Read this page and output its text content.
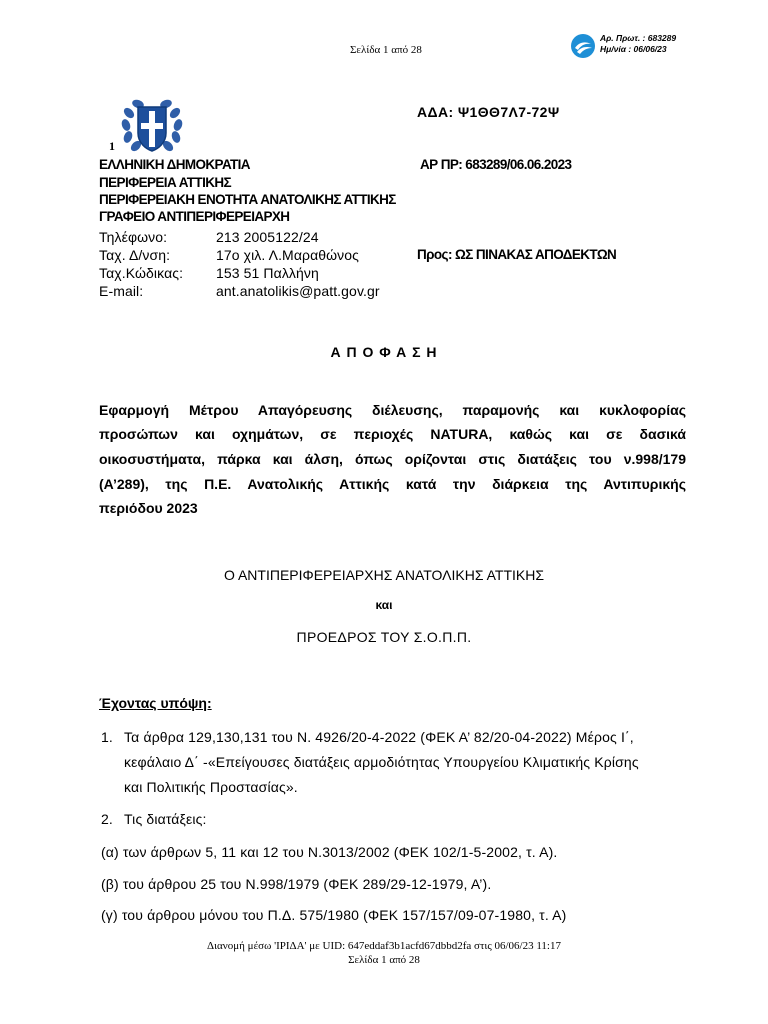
Σελίδα 1 από 28
Αρ. Πρωτ. : 683289
Ημ/νία : 06/06/23
1
ΑΔΑ: Ψ1ΘΘ7Λ7-72Ψ
ΕΛΛΗΝΙΚΗ ΔΗΜΟΚΡΑΤΙΑ
ΠΕΡΙΦΕΡΕΙΑ ΑΤΤΙΚΗΣ
ΠΕΡΙΦΕΡΕΙΑΚΗ ΕΝΟΤΗΤΑ ΑΝΑΤΟΛΙΚΗΣ ΑΤΤΙΚΗΣ
ΓΡΑΦΕΙΟ ΑΝΤΙΠΕΡΙΦΕΡΕΙΑΡΧΗ
ΑΡ ΠΡ: 683289/06.06.2023
Τηλέφωνο:	213 2005122/24
Ταχ. Δ/νση:	17ο χιλ. Λ.Μαραθώνος
Ταχ.Κώδικας: 153 51 Παλλήνη
E-mail:	ant.anatolikis@patt.gov.gr
Προς: ΩΣ ΠΙΝΑΚΑΣ ΑΠΟΔΕΚΤΩΝ
Α Π Ο Φ Α Σ Η
Εφαρμογή Μέτρου Απαγόρευσης διέλευσης, παραμονής και κυκλοφορίας
προσώπων και οχημάτων, σε περιοχές NATURA, καθώς και σε δασικά
οικοσυστήματα, πάρκα και άλση, όπως ορίζονται στις διατάξεις του ν.998/179
(Α’289), της Π.Ε. Ανατολικής Αττικής κατά την διάρκεια της Αντιπυρικής
περιόδου 2023
Ο ΑΝΤΙΠΕΡΙΦΕΡΕΙΑΡΧΗΣ ΑΝΑΤΟΛΙΚΗΣ ΑΤΤΙΚΗΣ
και
ΠΡΟΕΔΡΟΣ ΤΟΥ Σ.Ο.Π.Π.
Έχοντας υπόψη:
1. Τα άρθρα 129,130,131 του Ν. 4926/20-4-2022 (ΦΕΚ Α’ 82/20-04-2022) Μέρος Ι΄,
κεφάλαιο Δ΄ -«Επείγουσες διατάξεις αρμοδιότητας Υπουργείου Κλιματικής Κρίσης
και Πολιτικής Προστασίας».
2. Τις διατάξεις:
(α) των άρθρων 5, 11 και 12 του Ν.3013/2002 (ΦΕΚ 102/1-5-2002, τ. Α).
(β) του άρθρου 25 του Ν.998/1979 (ΦΕΚ 289/29-12-1979, Α’).
(γ) του άρθρου μόνου του Π.Δ. 575/1980 (ΦΕΚ 157/157/09-07-1980, τ. Α)
Διανομή μέσω 'ΙΡΙΔΑ' με UID: 647eddaf3b1acfd67dbbd2fa στις 06/06/23 11:17
Σελίδα 1 από 28
